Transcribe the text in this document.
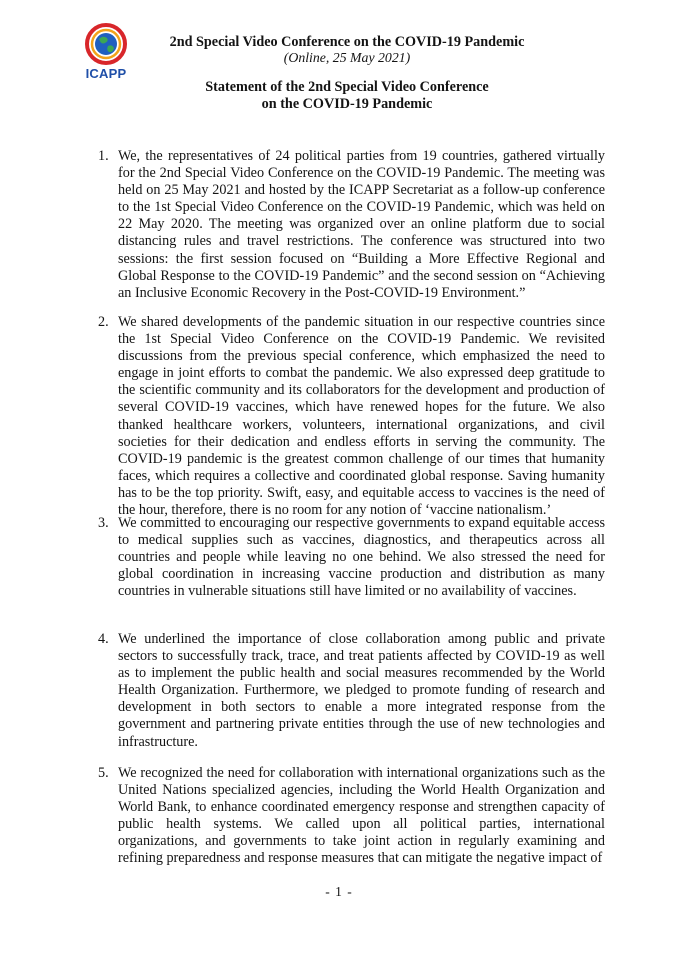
ICAPP
2nd Special Video Conference on the COVID-19 Pandemic
(Online, 25 May 2021)
Statement of the 2nd Special Video Conference
on the COVID-19 Pandemic
1. We, the representatives of 24 political parties from 19 countries, gathered virtually for the 2nd Special Video Conference on the COVID-19 Pandemic. The meeting was held on 25 May 2021 and hosted by the ICAPP Secretariat as a follow-up conference to the 1st Special Video Conference on the COVID-19 Pandemic, which was held on 22 May 2020. The meeting was organized over an online platform due to social distancing rules and travel restrictions. The conference was structured into two sessions: the first session focused on “Building a More Effective Regional and Global Response to the COVID-19 Pandemic” and the second session on “Achieving an Inclusive Economic Recovery in the Post-COVID-19 Environment.”
2. We shared developments of the pandemic situation in our respective countries since the 1st Special Video Conference on the COVID-19 Pandemic. We revisited discussions from the previous special conference, which emphasized the need to engage in joint efforts to combat the pandemic. We also expressed deep gratitude to the scientific community and its collaborators for the development and production of several COVID-19 vaccines, which have renewed hopes for the future. We also thanked healthcare workers, volunteers, international organizations, and civil societies for their dedication and endless efforts in serving the community. The COVID-19 pandemic is the greatest common challenge of our times that humanity faces, which requires a collective and coordinated global response. Saving humanity has to be the top priority. Swift, easy, and equitable access to vaccines is the need of the hour, therefore, there is no room for any notion of ‘vaccine nationalism.’
3. We committed to encouraging our respective governments to expand equitable access to medical supplies such as vaccines, diagnostics, and therapeutics across all countries and people while leaving no one behind. We also stressed the need for global coordination in increasing vaccine production and distribution as many countries in vulnerable situations still have limited or no availability of vaccines.
4. We underlined the importance of close collaboration among public and private sectors to successfully track, trace, and treat patients affected by COVID-19 as well as to implement the public health and social measures recommended by the World Health Organization. Furthermore, we pledged to promote funding of research and development in both sectors to enable a more integrated response from the government and partnering private entities through the use of new technologies and infrastructure.
5. We recognized the need for collaboration with international organizations such as the United Nations specialized agencies, including the World Health Organization and World Bank, to enhance coordinated emergency response and strengthen capacity of public health systems. We called upon all political parties, international organizations, and governments to take joint action in regularly examining and refining preparedness and response measures that can mitigate the negative impact of
- 1 -
